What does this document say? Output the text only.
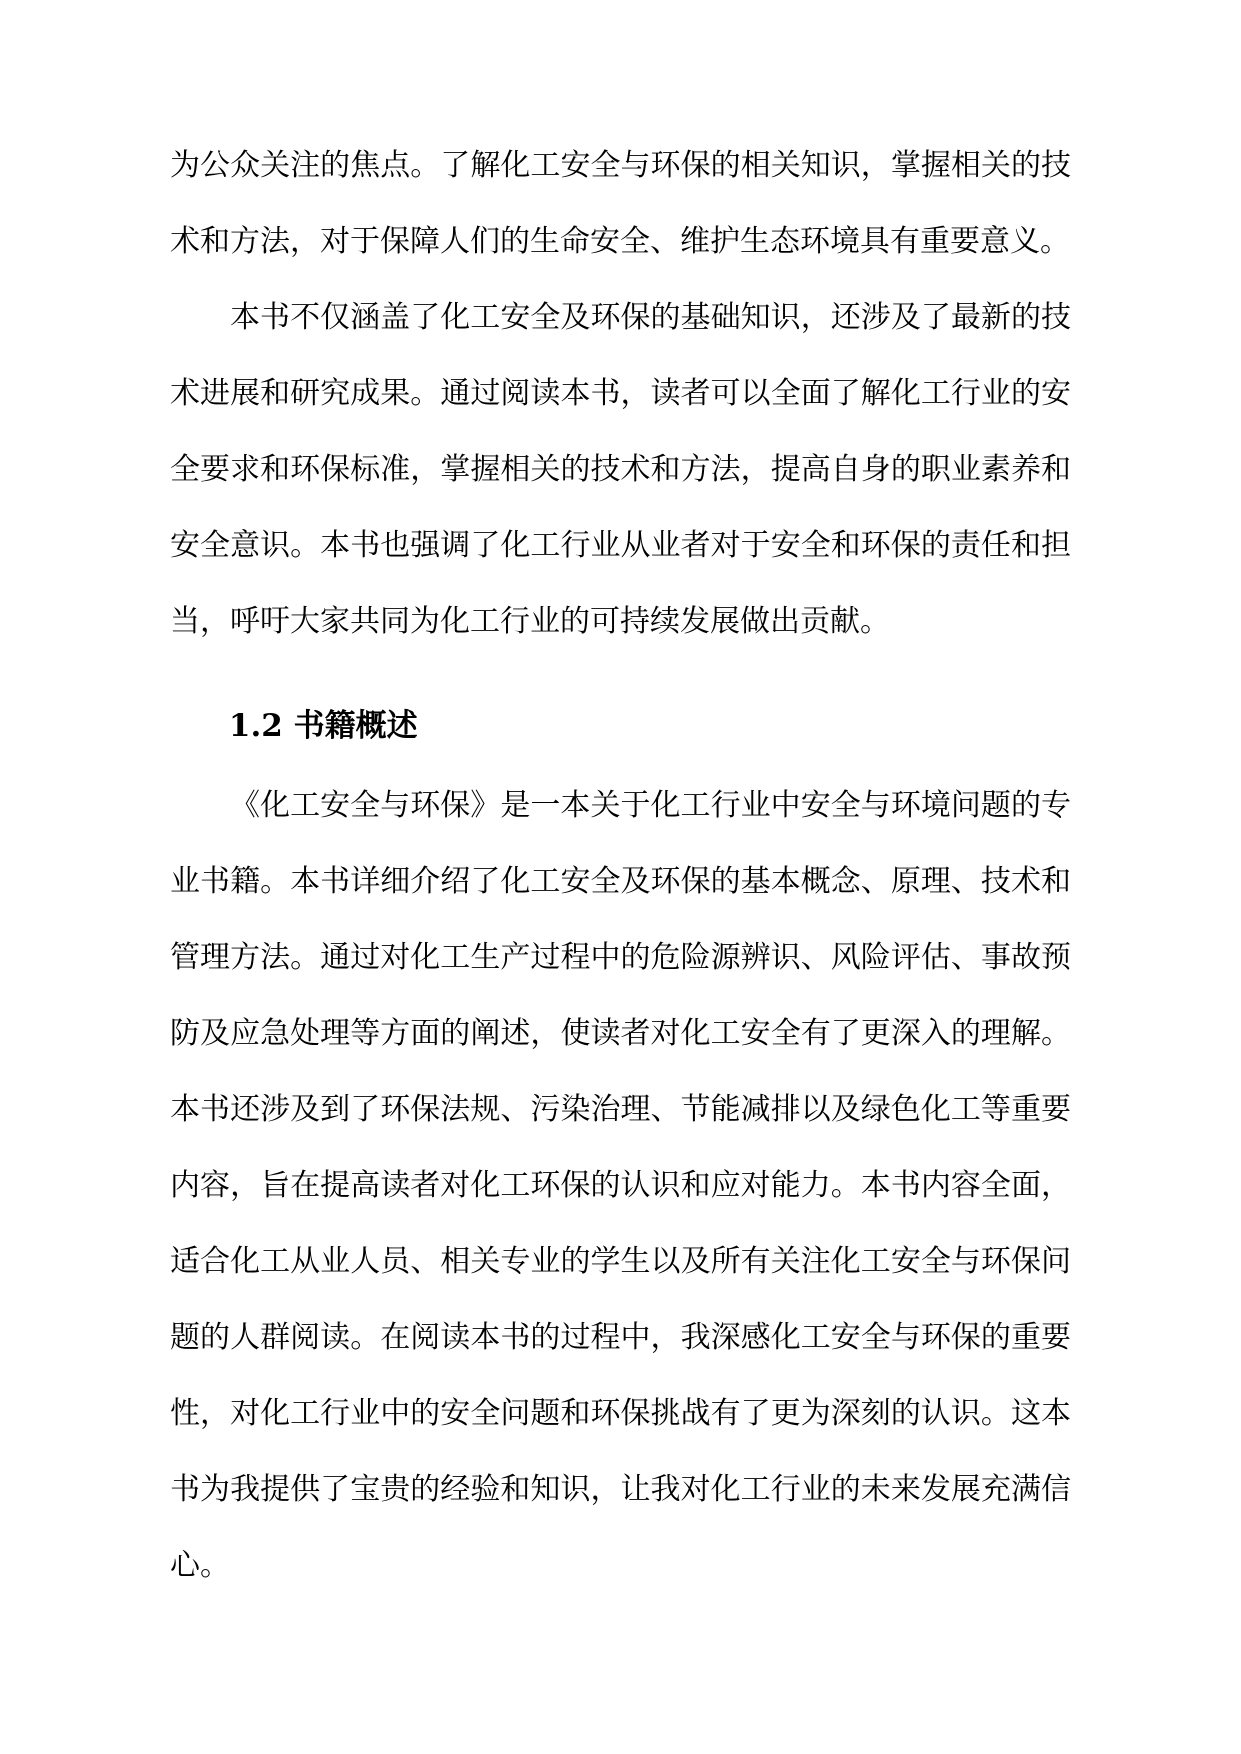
为公众关注的焦点。了解化工安全与环保的相关知识，掌握相关的技术和方法，对于保障人们的生命安全、维护生态环境具有重要意义。

本书不仅涵盖了化工安全及环保的基础知识，还涉及了最新的技术进展和研究成果。通过阅读本书，读者可以全面了解化工行业的安全要求和环保标准，掌握相关的技术和方法，提高自身的职业素养和安全意识。本书也强调了化工行业从业者对于安全和环保的责任和担当，呼吁大家共同为化工行业的可持续发展做出贡献。

1.2 书籍概述

《化工安全与环保》是一本关于化工行业中安全与环境问题的专业书籍。本书详细介绍了化工安全及环保的基本概念、原理、技术和管理方法。通过对化工生产过程中的危险源辨识、风险评估、事故预防及应急处理等方面的阐述，使读者对化工安全有了更深入的理解。本书还涉及到了环保法规、污染治理、节能减排以及绿色化工等重要内容，旨在提高读者对化工环保的认识和应对能力。本书内容全面，适合化工从业人员、相关专业的学生以及所有关注化工安全与环保问题的人群阅读。在阅读本书的过程中，我深感化工安全与环保的重要性，对化工行业中的安全问题和环保挑战有了更为深刻的认识。这本书为我提供了宝贵的经验和知识，让我对化工行业的未来发展充满信心。
